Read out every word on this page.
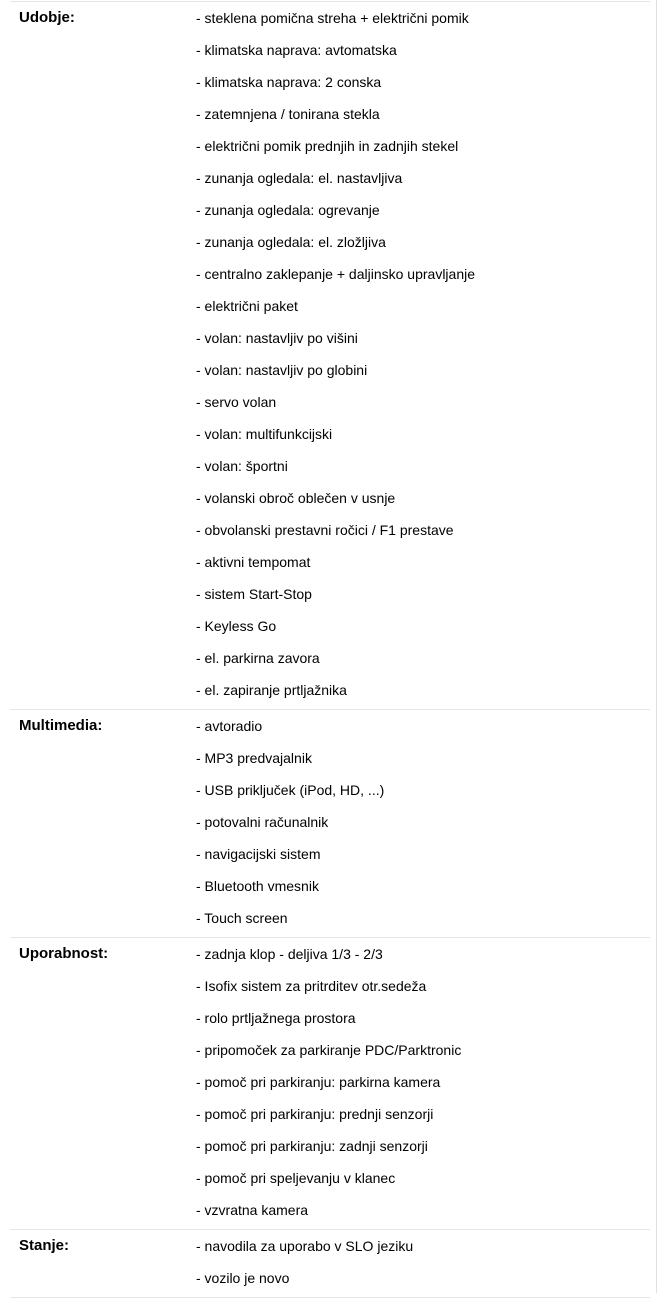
Udobje:	- steklena pomična streha + električni pomik
- klimatska naprava: avtomatska
- klimatska naprava: 2 conska
- zatemnjena / tonirana stekla
- električni pomik prednjih in zadnjih stekel
- zunanja ogledala: el. nastavljiva
- zunanja ogledala: ogrevanje
- zunanja ogledala: el. zložljiva
- centralno zaklepanje + daljinsko upravljanje
- električni paket
- volan: nastavljiv po višini
- volan: nastavljiv po globini
- servo volan
- volan: multifunkcijski
- volan: športni
- volanski obroč oblečen v usnje
- obvolanski prestavni ročici / F1 prestave
- aktivni tempomat
- sistem Start-Stop
- Keyless Go
- el. parkirna zavora
- el. zapiranje prtljažnika
Multimedia:	- avtoradio
- MP3 predvajalnik
- USB priključek (iPod, HD, ...)
- potovalni računalnik
- navigacijski sistem
- Bluetooth vmesnik
- Touch screen
Uporabnost:	- zadnja klop - deljiva 1/3 - 2/3
- Isofix sistem za pritrditev otr.sedeža
- rolo prtljažnega prostora
- pripomoček za parkiranje PDC/Parktronic
- pomoč pri parkiranju: parkirna kamera
- pomoč pri parkiranju: prednji senzorji
- pomoč pri parkiranju: zadnji senzorji
- pomoč pri speljevanju v klanec
- vzvratna kamera
Stanje:	- navodila za uporabo v SLO jeziku
- vozilo je novo
